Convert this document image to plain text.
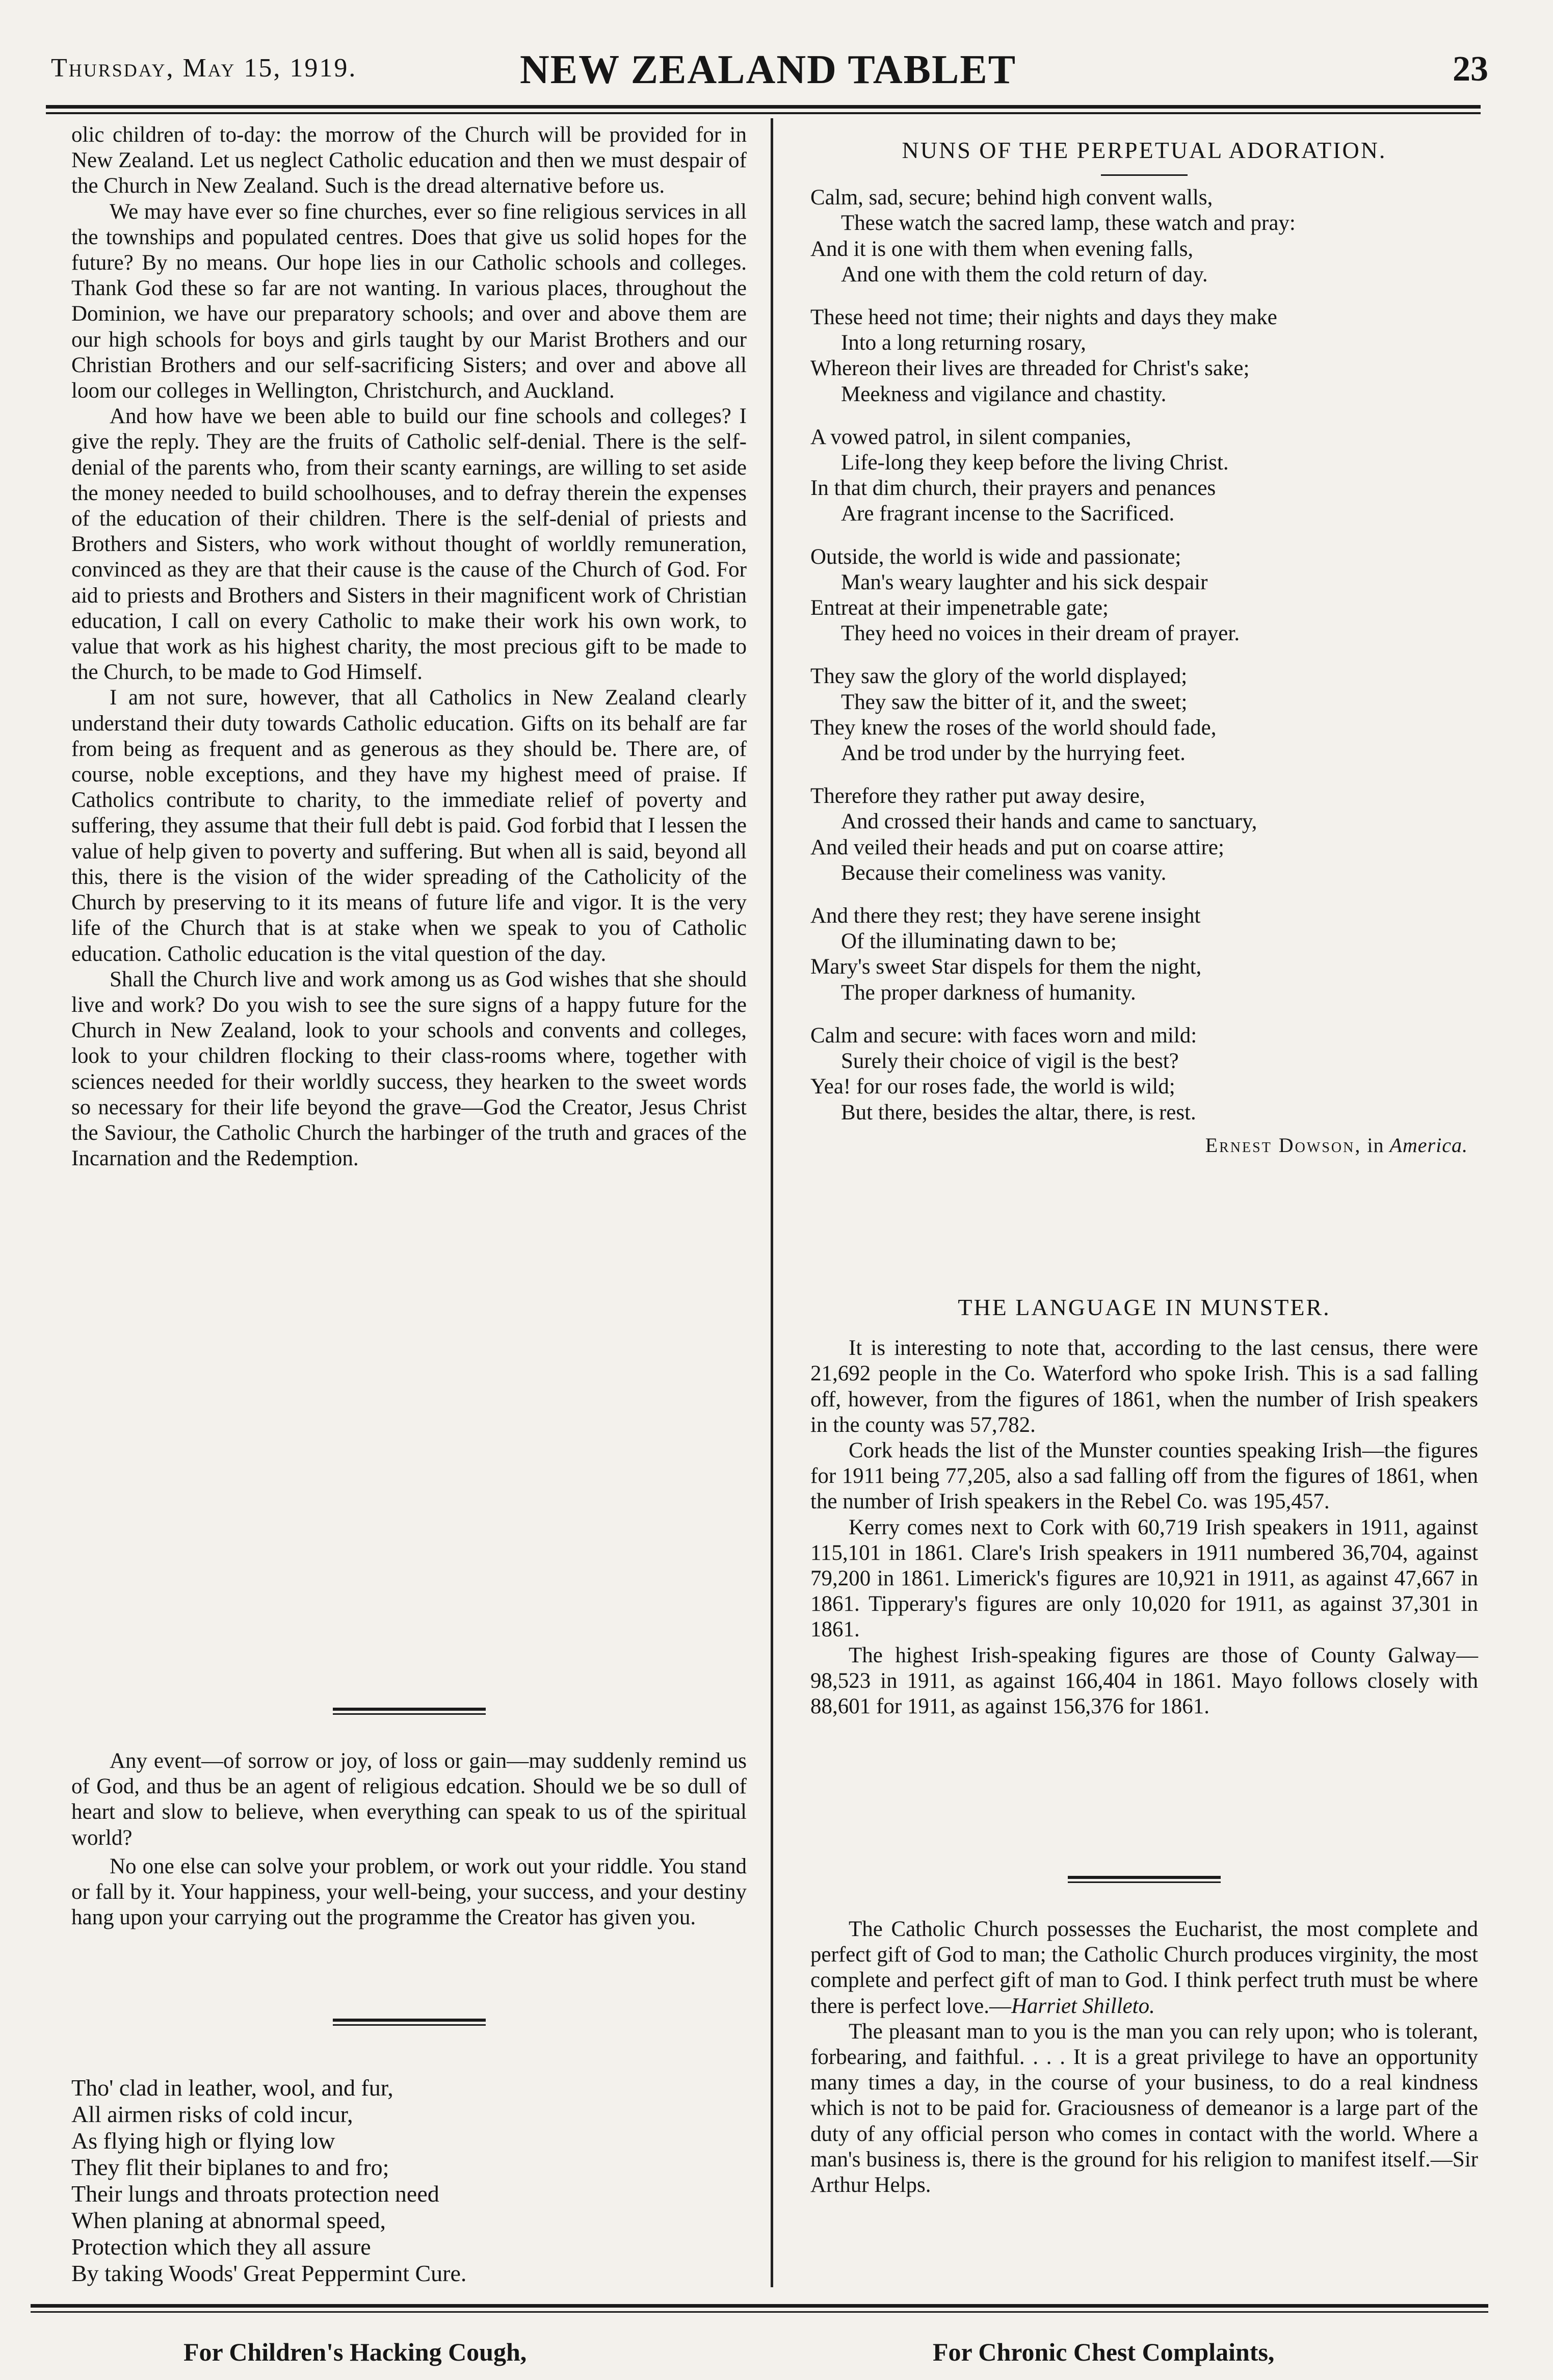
Thursday, May 15, 1919.	NEW ZEALAND TABLET	23

olic children of to-day: the morrow of the Church will be provided for in New Zealand. Let us neglect Catholic education and then we must despair of the Church in New Zealand. Such is the dread alternative before us.

We may have ever so fine churches, ever so fine religious services in all the townships and populated centres. Does that give us solid hopes for the future? By no means. Our hope lies in our Catholic schools and colleges. Thank God these so far are not wanting. In various places, throughout the Dominion, we have our preparatory schools; and over and above them are our high schools for boys and girls taught by our Marist Brothers and our Christian Brothers and our self-sacrificing Sisters; and over and above all loom our colleges in Wellington, Christchurch, and Auckland.

And how have we been able to build our fine schools and colleges? I give the reply. They are the fruits of Catholic self-denial. There is the self-denial of the parents who, from their scanty earnings, are willing to set aside the money needed to build schoolhouses, and to defray therein the expenses of the education of their children. There is the self-denial of priests and Brothers and Sisters, who work without thought of worldly remuneration, convinced as they are that their cause is the cause of the Church of God. For aid to priests and Brothers and Sisters in their magnificent work of Christian education, I call on every Catholic to make their work his own work, to value that work as his highest charity, the most precious gift to be made to the Church, to be made to God Himself.

I am not sure, however, that all Catholics in New Zealand clearly understand their duty towards Catholic education. Gifts on its behalf are far from being as frequent and as generous as they should be. There are, of course, noble exceptions, and they have my highest meed of praise. If Catholics contribute to charity, to the immediate relief of poverty and suffering, they assume that their full debt is paid. God forbid that I lessen the value of help given to poverty and suffering. But when all is said, beyond all this, there is the vision of the wider spreading of the Catholicity of the Church by preserving to it its means of future life and vigor. It is the very life of the Church that is at stake when we speak to you of Catholic education. Catholic education is the vital question of the day.

Shall the Church live and work among us as God wishes that she should live and work? Do you wish to see the sure signs of a happy future for the Church in New Zealand, look to your schools and convents and colleges, look to your children flocking to their class-rooms where, together with sciences needed for their worldly success, they hearken to the sweet words so necessary for their life beyond the grave—God the Creator, Jesus Christ the Saviour, the Catholic Church the harbinger of the truth and graces of the Incarnation and the Redemption.

Any event—of sorrow or joy, of loss or gain—may suddenly remind us of God, and thus be an agent of religious edcation. Should we be so dull of heart and slow to believe, when everything can speak to us of the spiritual world?

No one else can solve your problem, or work out your riddle. You stand or fall by it. Your happiness, your well-being, your success, and your destiny hang upon your carrying out the programme the Creator has given you.

Tho' clad in leather, wool, and fur,
All airmen risks of cold incur,
As flying high or flying low
They flit their biplanes to and fro;
Their lungs and throats protection need
When planing at abnormal speed,
Protection which they all assure
By taking Woods' Great Peppermint Cure.
NUNS OF THE PERPETUAL ADORATION.
Calm, sad, secure; behind high convent walls,
These watch the sacred lamp, these watch and pray:
And it is one with them when evening falls,
And one with them the cold return of day.
These heed not time; their nights and days they make
Into a long returning rosary,
Whereon their lives are threaded for Christ's sake;
Meekness and vigilance and chastity.
A vowed patrol, in silent companies,
Life-long they keep before the living Christ.
In that dim church, their prayers and penances
Are fragrant incense to the Sacrificed.
Outside, the world is wide and passionate;
Man's weary laughter and his sick despair
Entreat at their impenetrable gate;
They heed no voices in their dream of prayer.
They saw the glory of the world displayed;
They saw the bitter of it, and the sweet;
They knew the roses of the world should fade,
And be trod under by the hurrying feet.
Therefore they rather put away desire,
And crossed their hands and came to sanctuary,
And veiled their heads and put on coarse attire;
Because their comeliness was vanity.
And there they rest; they have serene insight
Of the illuminating dawn to be;
Mary's sweet Star dispels for them the night,
The proper darkness of humanity.
Calm and secure: with faces worn and mild:
Surely their choice of vigil is the best?
Yea! for our roses fade, the world is wild;
But there, besides the altar, there, is rest.
Ernest Dowson, in America.
THE LANGUAGE IN MUNSTER.

It is interesting to note that, according to the last census, there were 21,692 people in the Co. Waterford who spoke Irish. This is a sad falling off, however, from the figures of 1861, when the number of Irish speakers in the county was 57,782.

Cork heads the list of the Munster counties speaking Irish—the figures for 1911 being 77,205, also a sad falling off from the figures of 1861, when the number of Irish speakers in the Rebel Co. was 195,457.

Kerry comes next to Cork with 60,719 Irish speakers in 1911, against 115,101 in 1861. Clare's Irish speakers in 1911 numbered 36,704, against 79,200 in 1861. Limerick's figures are 10,921 in 1911, as against 47,667 in 1861. Tipperary's figures are only 10,020 for 1911, as against 37,301 in 1861.

The highest Irish-speaking figures are those of County Galway—98,523 in 1911, as against 166,404 in 1861. Mayo follows closely with 88,601 for 1911, as against 156,376 for 1861.

The Catholic Church possesses the Eucharist, the most complete and perfect gift of God to man; the Catholic Church produces virginity, the most complete and perfect gift of man to God. I think perfect truth must be where there is perfect love.—Harriet Shilleto.

The pleasant man to you is the man you can rely upon; who is tolerant, forbearing, and faithful. . . . It is a great privilege to have an opportunity many times a day, in the course of your business, to do a real kindness which is not to be paid for. Graciousness of demeanor is a large part of the duty of any official person who comes in contact with the world. Where a man's business is, there is the ground for his religion to manifest itself.—Sir Arthur Helps.

For Children's Hacking Cough,	For Chronic Chest Complaints,
